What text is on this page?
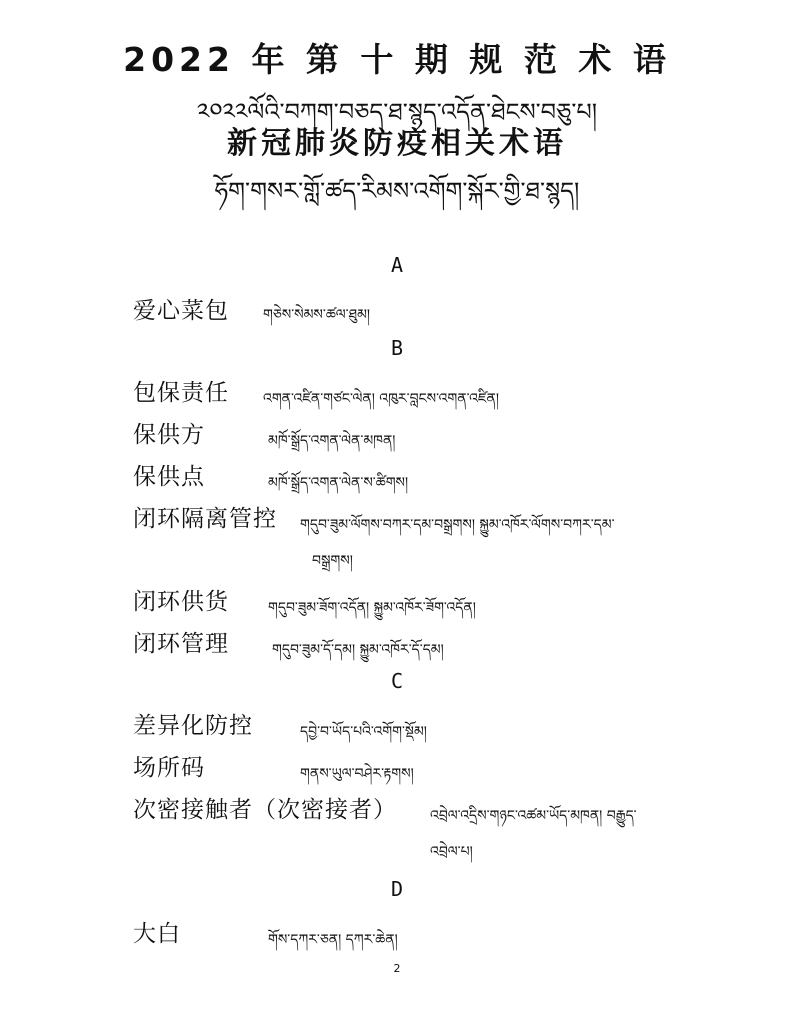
2022 年 第 十 期 规 范 术 语
༢༠༢༢ལོའི་བཀག་བཅད་ཐ་སྙད་འདོན་ཐེངས་བཅུ་པ།
新冠肺炎防疫相关术语
ཧོག་གསར་གློ་ཚད་རིམས་འགོག་སྐོར་གྱི་ཐ་སྙད།
A
爱心菜包 གཅེས་སེམས་ཚལ་ཐུམ།
B
包保责任 འགན་འཛིན་གཙང་ལེན། འཁུར་བླངས་འགན་འཛིན།
保供方	མཁོ་སྒྲོད་འགན་ལེན་མཁན།
保供点	མཁོ་སྒྲོད་འགན་ལེན་ས་ཚིགས།
闭环隔离管控 གདུབ་ཟུམ་ལོགས་བཀར་དམ་བསྒྲགས། སྐྱུམ་འཁོར་ལོགས་བཀར་དམ་
བསྒྲགས།
闭环供货	གདུབ་ཟུམ་ཟོག་འདོན། སྐྱུམ་འཁོར་ཟོག་འདོན།
闭环管理	གདུབ་ཟུམ་དོ་དམ། སྐྱུམ་འཁོར་དོ་དམ།
C
差异化防控	དབྱེ་བ་ཡོད་པའི་འགོག་སྡོམ།
场所码	གནས་ཡུལ་བཤེར་རྟགས།
次密接触者（次密接者） འབྲེལ་འདྲིས་གཉང་འཚམ་ཡོད་མཁན། བརྒྱུད་
འབྲེལ་པ།
D
大白	གོས་དཀར་ཅན། དཀར་ཆེན།
2
